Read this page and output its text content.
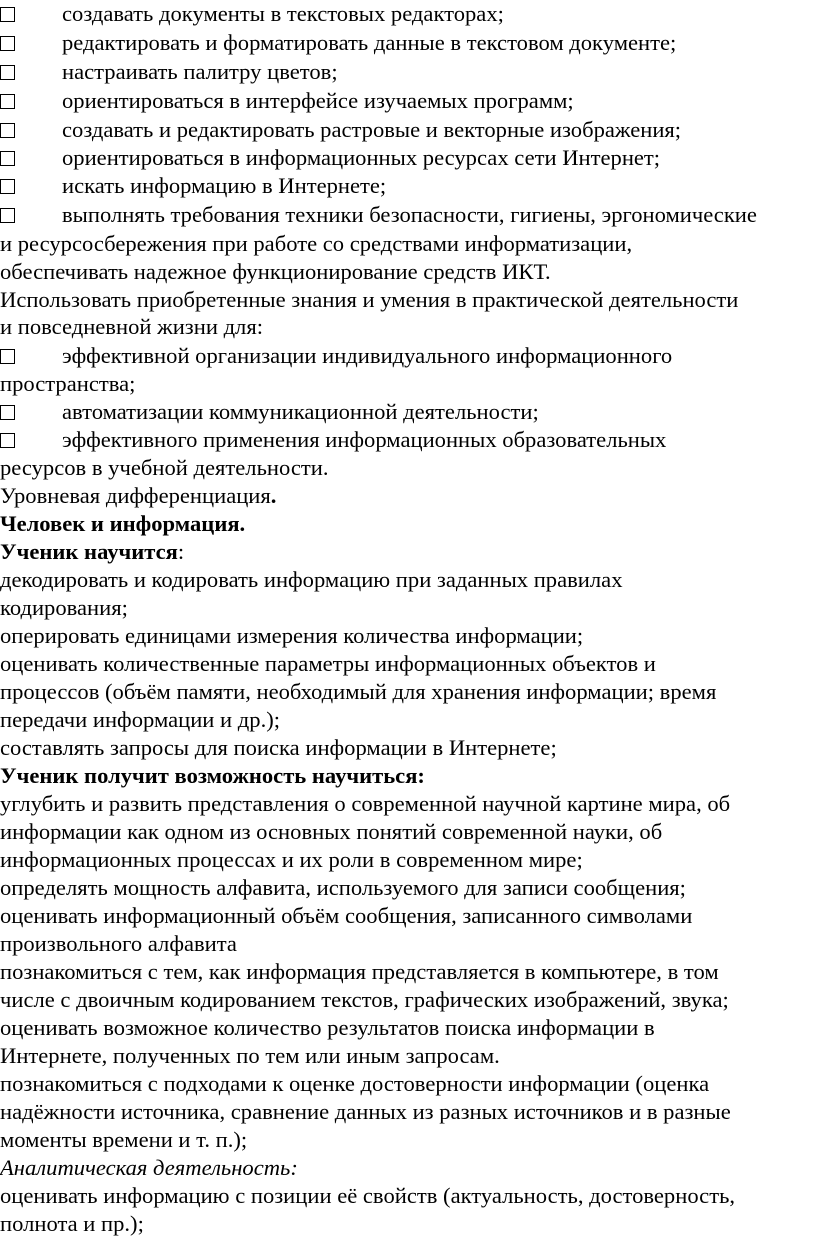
создавать документы в текстовых редакторах;
редактировать и форматировать данные в текстовом документе;
настраивать палитру цветов;
ориентироваться в интерфейсе изучаемых программ;
создавать и редактировать растровые и векторные изображения;
ориентироваться в информационных ресурсах сети Интернет;
искать информацию в Интернете;
выполнять требования техники безопасности, гигиены, эргономические
и ресурсосбережения при работе со средствами информатизации,
обеспечивать надежное функционирование средств ИКТ.
Использовать приобретенные знания и умения в практической деятельности
и повседневной жизни для:
эффективной организации индивидуального информационного
пространства;
автоматизации коммуникационной деятельности;
эффективного применения информационных образовательных
ресурсов в учебной деятельности.
Уровневая дифференциация.
Человек и информация.
Ученик научится:
декодировать и кодировать информацию при заданных правилах
кодирования;
оперировать единицами измерения количества информации;
оценивать количественные параметры информационных объектов и
процессов (объём памяти, необходимый для хранения информации; время
передачи информации и др.);
составлять запросы для поиска информации в Интернете;
Ученик получит возможность научиться:
углубить и развить представления о современной научной картине мира, об
информации как одном из основных понятий современной науки, об
информационных процессах и их роли в современном мире;
определять мощность алфавита, используемого для записи сообщения;
оценивать информационный объём сообщения, записанного символами
произвольного алфавита
познакомиться с тем, как информация представляется в компьютере, в том
числе с двоичным кодированием текстов, графических изображений, звука;
оценивать возможное количество результатов поиска информации в
Интернете, полученных по тем или иным запросам.
познакомиться с подходами к оценке достоверности информации (оценка
надёжности источника, сравнение данных из разных источников и в разные
моменты времени и т. п.);
Аналитическая деятельность:
оценивать информацию с позиции её свойств (актуальность, достоверность,
полнота и пр.);
